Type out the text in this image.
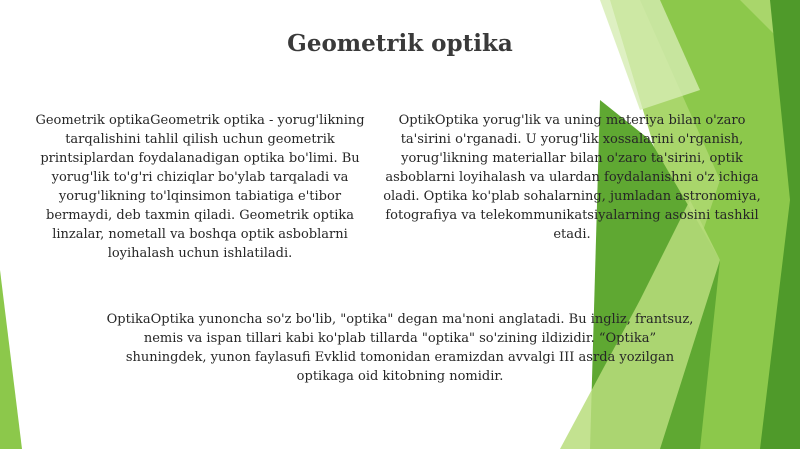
Geometrik optika

Geometrik optikaGeometrik optika - yorug'likning tarqalishini tahlil qilish uchun geometrik printsiplardan foydalanadigan optika bo'limi. Bu yorug'lik to'g'ri chiziqlar bo'ylab tarqaladi va yorug'likning to'lqinsimon tabiatiga e'tibor bermaydi, deb taxmin qiladi. Geometrik optika linzalar, nometall va boshqa optik asboblarni loyihalash uchun ishlatiladi.

OptikOptika yorug'lik va uning materiya bilan o'zaro ta'sirini o'rganadi. U yorug'lik xossalarini o'rganish, yorug'likning materiallar bilan o'zaro ta'sirini, optik asboblarni loyihalash va ulardan foydalanishni o'z ichiga oladi. Optika ko'plab sohalarning, jumladan astronomiya, fotografiya va telekommunikatsiyalarning asosini tashkil etadi.

OptikaOptika yunoncha so'z bo'lib, "optika" degan ma'noni anglatadi. Bu ingliz, frantsuz, nemis va ispan tillari kabi ko'plab tillarda "optika" so'zining ildizidir. “Optika” shuningdek, yunon faylasufi Evklid tomonidan eramizdan avvalgi III asrda yozilgan optikaga oid kitobning nomidir.
